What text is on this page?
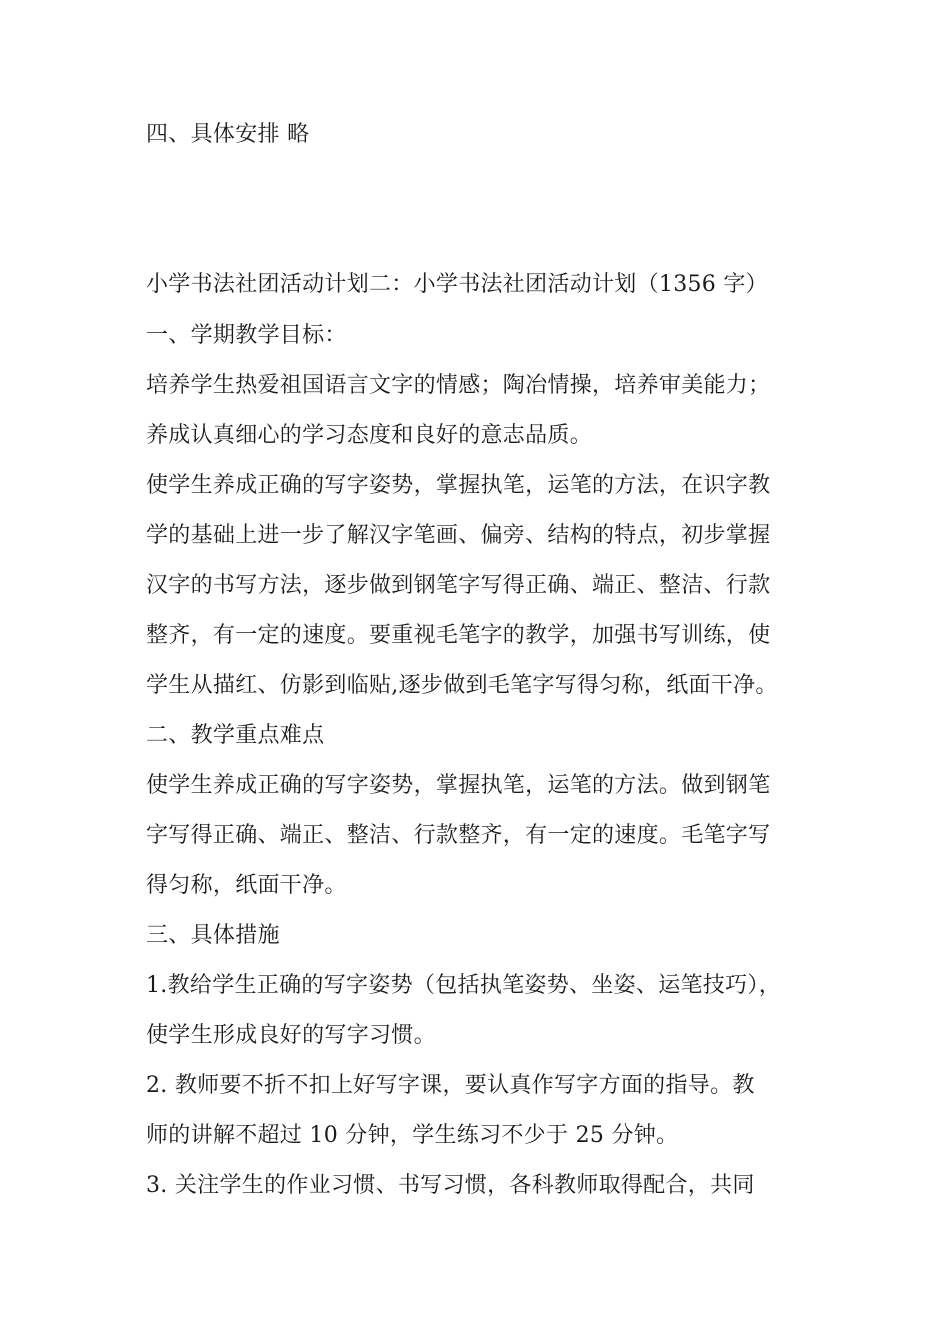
四、具体安排 略
小学书法社团活动计划二：小学书法社团活动计划（1356 字）
一、学期教学目标：
培养学生热爱祖国语言文字的情感；陶冶情操，培养审美能力；
养成认真细心的学习态度和良好的意志品质。
使学生养成正确的写字姿势，掌握执笔，运笔的方法，在识字教
学的基础上进一步了解汉字笔画、偏旁、结构的特点，初步掌握
汉字的书写方法，逐步做到钢笔字写得正确、端正、整洁、行款
整齐，有一定的速度。要重视毛笔字的教学，加强书写训练，使
学生从描红、仿影到临贴,逐步做到毛笔字写得匀称，纸面干净。
二、教学重点难点
使学生养成正确的写字姿势，掌握执笔，运笔的方法。做到钢笔
字写得正确、端正、整洁、行款整齐，有一定的速度。毛笔字写
得匀称，纸面干净。
三、具体措施
1.教给学生正确的写字姿势（包括执笔姿势、坐姿、运笔技巧），
使学生形成良好的写字习惯。
2. 教师要不折不扣上好写字课，要认真作写字方面的指导。教
师的讲解不超过 10 分钟，学生练习不少于 25 分钟。
3. 关注学生的作业习惯、书写习惯，各科教师取得配合，共同
